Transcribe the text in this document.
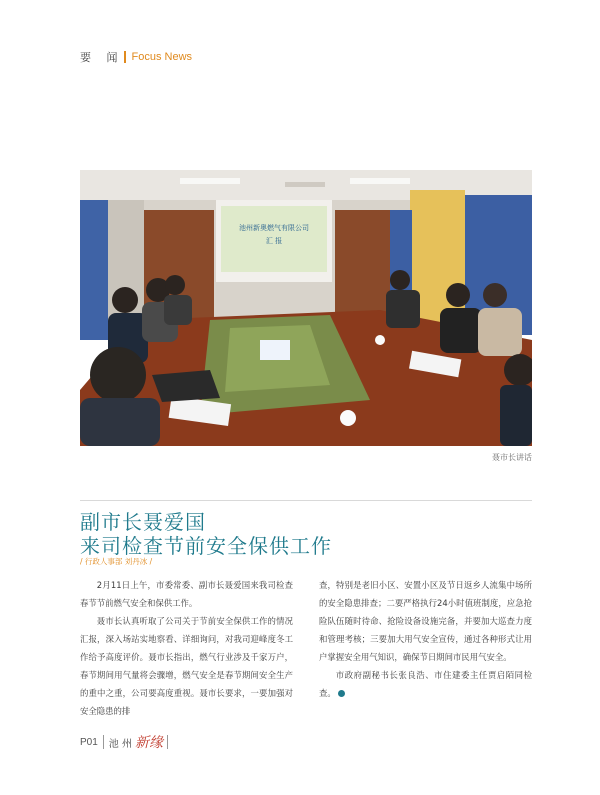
要 闻 Focus News
池州新奥燃气有限公司
汇 报
聂市长讲话
副市长聂爱国
来司检查节前安全保供工作
/ 行政人事部 刘丹冰 /

2月11日上午，市委常委、副市长聂爱国来我司检查春节节前燃气安全和保供工作。

聂市长认真听取了公司关于节前安全保供工作的情况汇报，深入场站实地察看、详细询问，对我司迎峰度冬工作给予高度评价。聂市长指出，燃气行业涉及千家万户，春节期间用气量将会骤增，燃气安全是春节期间安全生产的重中之重，公司要高度重视。聂市长要求，一要加强对安全隐患的排

查，特别是老旧小区、安置小区及节日返乡人流集中场所的安全隐患排查；二要严格执行24小时值班制度，应急抢险队伍随时待命、抢险设备设施完备，并要加大巡查力度和管理考核；三要加大用气安全宣传，通过各种形式让用户掌握安全用气知识，确保节日期间市民用气安全。

市政府副秘书长张良浩、市住建委主任贾启陌同检查。

P01 池 州 新缘
